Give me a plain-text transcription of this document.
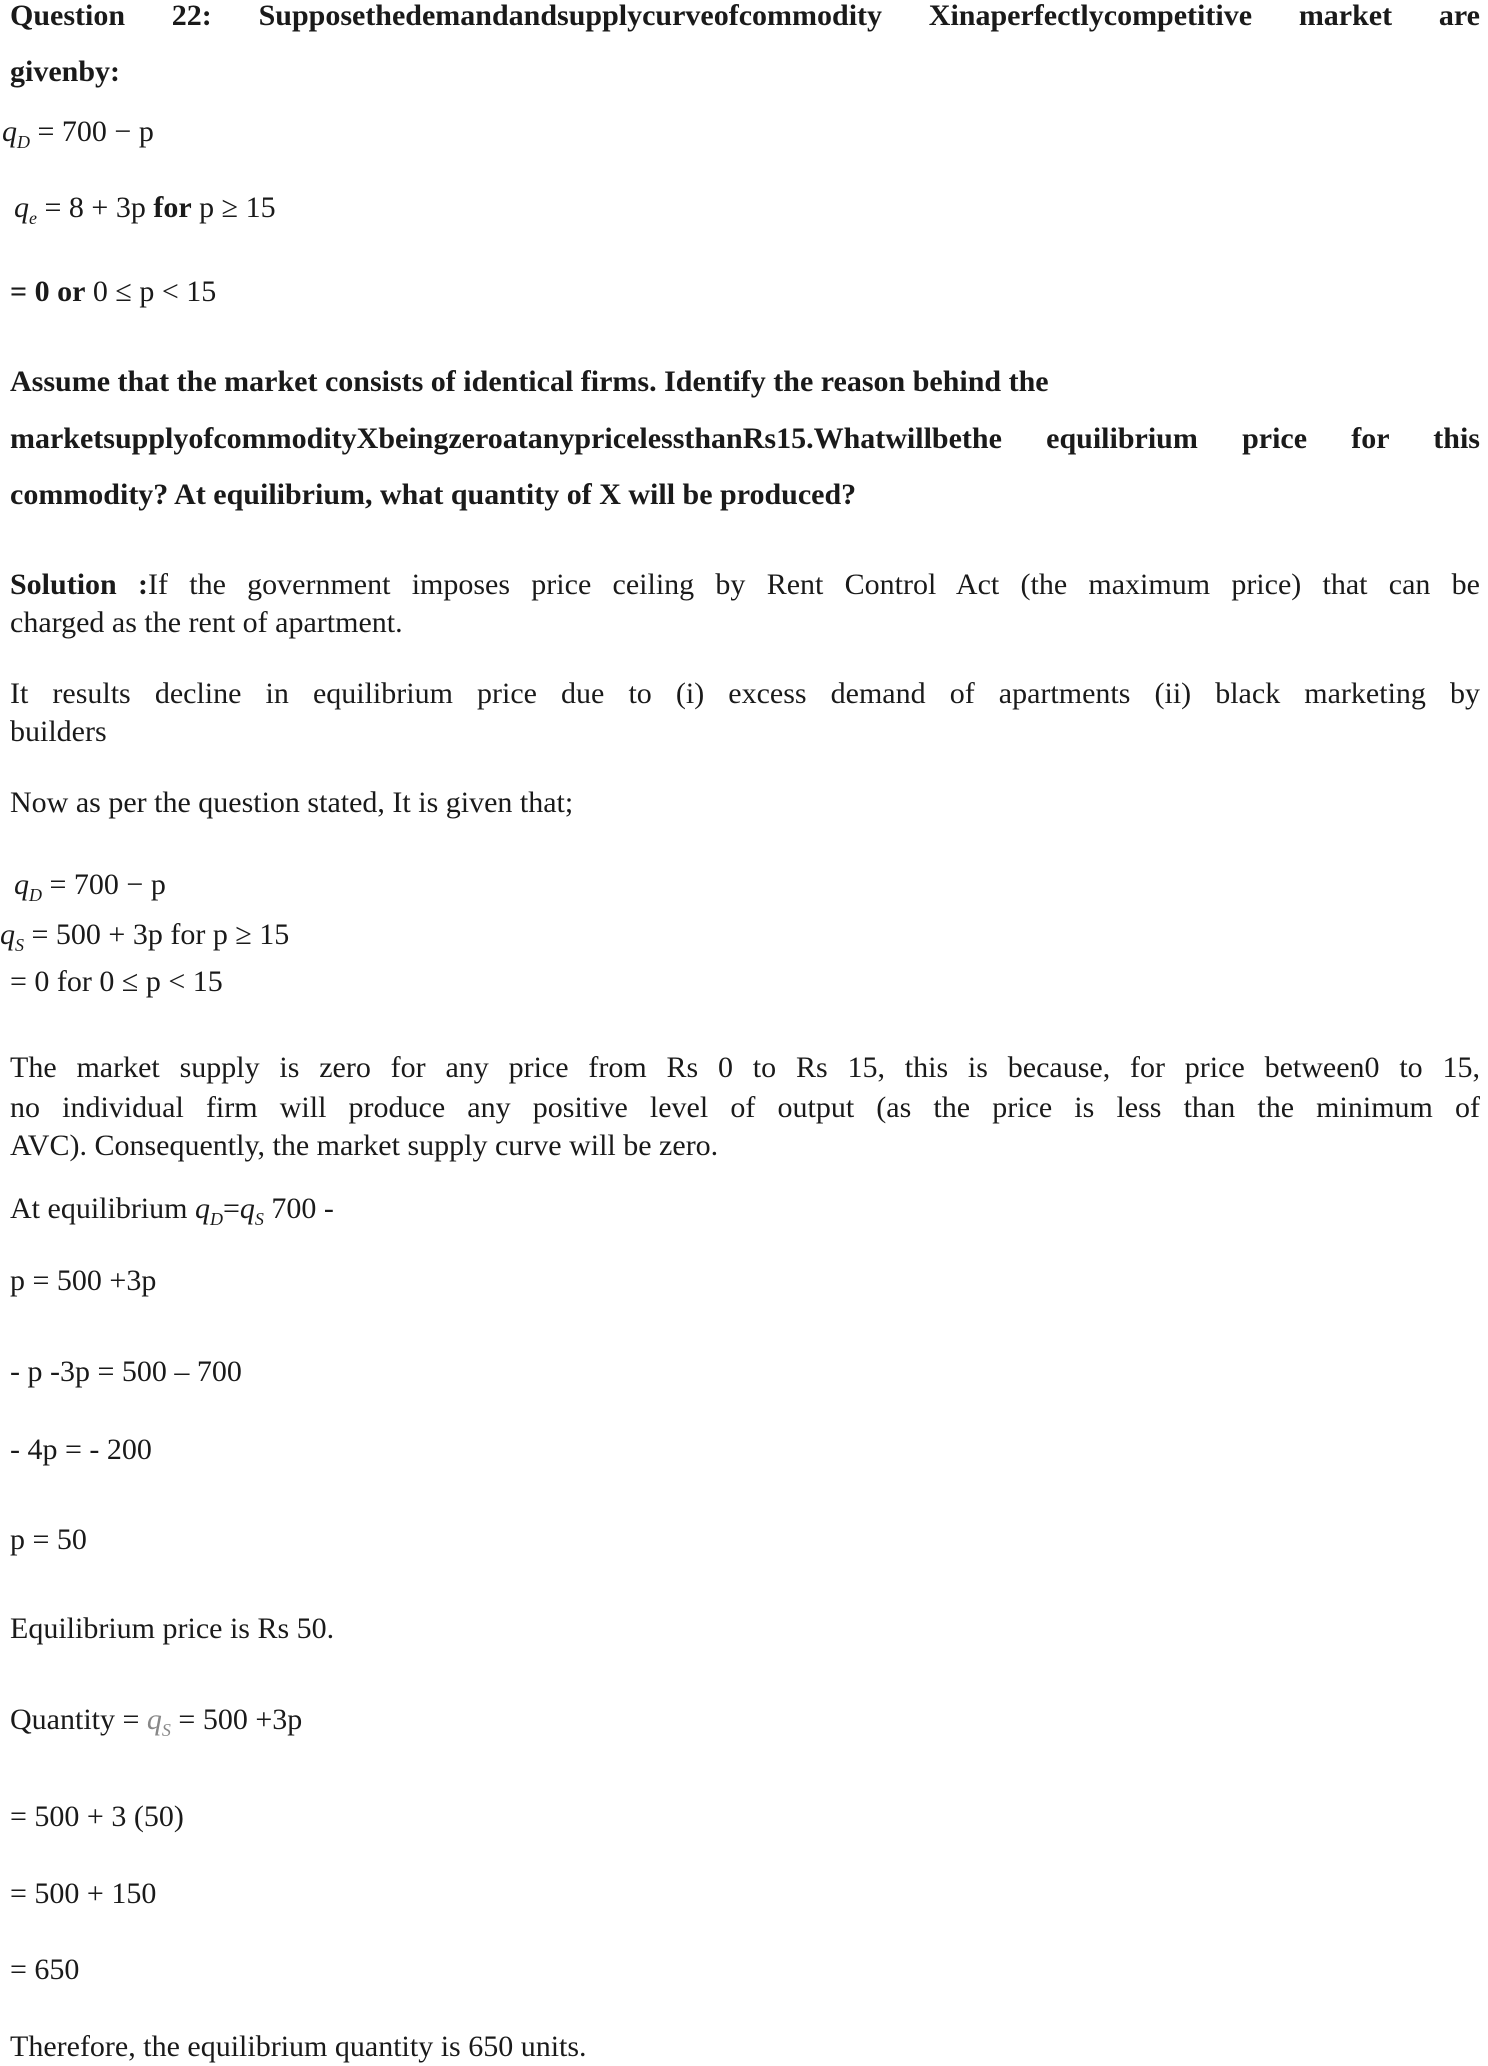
Question 22: Supposethedemandandsupplycurveofcommodity Xinaperfectlycompetitive market are
givenby:
$q_D = 700 - p$
$q_e = 8 + 3p$ for p ≥ 15
= 0 or 0 ≤ p < 15
Assume that the market consists of identical firms. Identify the reason behind the
marketsupplyofcommodityXbeingzeroatanypricelessthanRs15.Whatwillbethe equilibrium price for this
commodity? At equilibrium, what quantity of X will be produced?
Solution :If the government imposes price ceiling by Rent Control Act (the maximum price) that can be
charged as the rent of apartment.
It results decline in equilibrium price due to (i) excess demand of apartments (ii) black marketing by
builders
Now as per the question stated, It is given that;
$q_D = 700 - p$
$q_S = 500 + 3p$ for p ≥ 15
= 0 for 0 ≤ p < 15
The market supply is zero for any price from Rs 0 to Rs 15, this is because, for price between0 to 15,
no individual firm will produce any positive level of output (as the price is less than the minimum of
AVC). Consequently, the market supply curve will be zero.
At equilibrium $q_D=q_S$ 700 -
p = 500 +3p
- p -3p = 500 – 700
- 4p = - 200
p = 50
Equilibrium price is Rs 50.
Quantity = $q_S = 500 +3p$
= 500 + 3 (50)
= 500 + 150
= 650
Therefore, the equilibrium quantity is 650 units.
